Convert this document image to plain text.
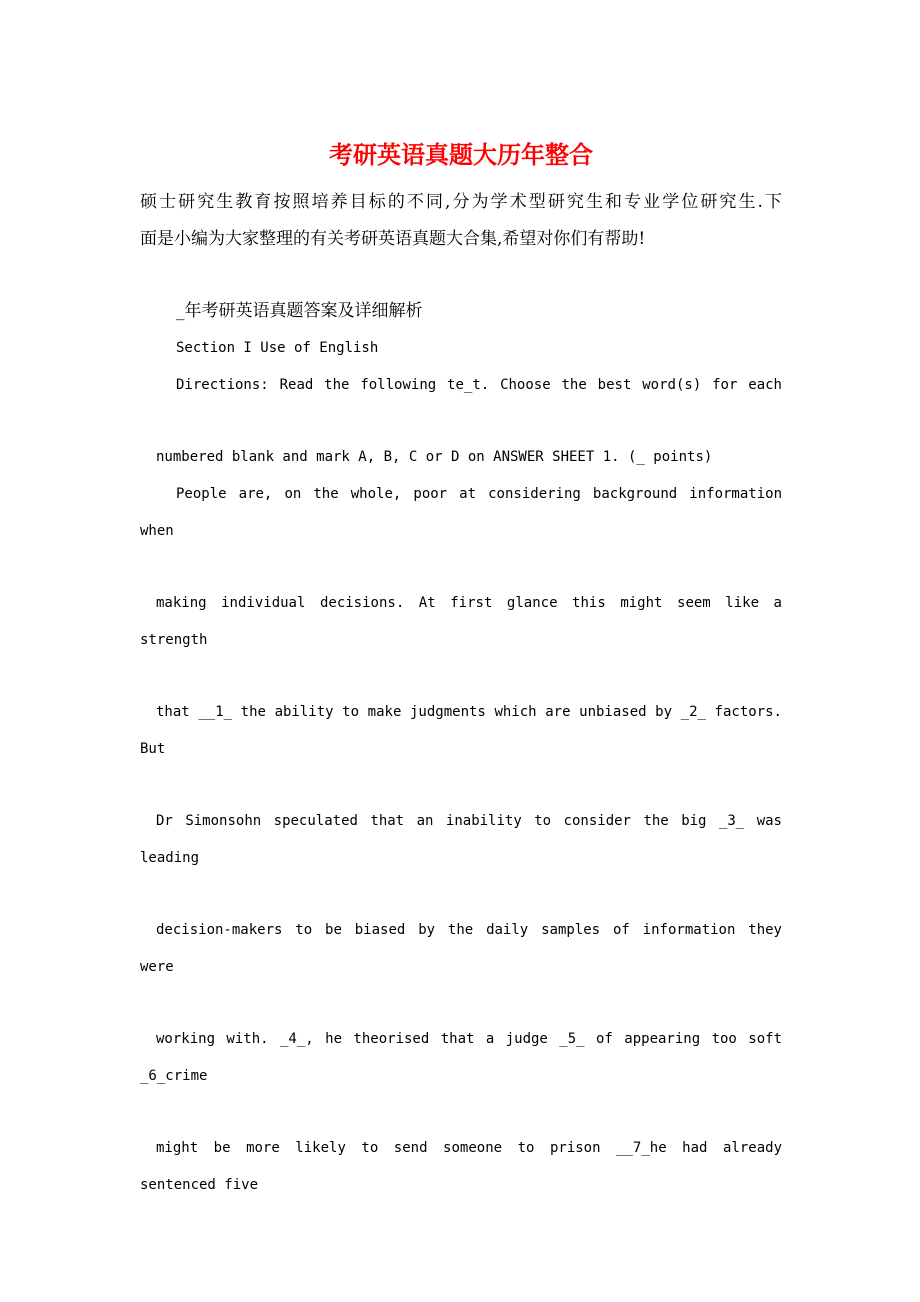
考研英语真题大历年整合
硕士研究生教育按照培养目标的不同,分为学术型研究生和专业学位研究生.下
面是小编为大家整理的有关考研英语真题大合集,希望对你们有帮助!
_年考研英语真题答案及详细解析
Section I Use of English
Directions: Read the following te_t. Choose the best word(s) for each
numbered blank and mark A, B, C or D on ANSWER SHEET 1. (_ points)
People are, on the whole, poor at considering background information
when
making individual decisions. At first glance this might seem like a
strength
that __1_ the ability to make judgments which are unbiased by _2_ factors.
But
Dr Simonsohn speculated that an inability to consider the big _3_ was
leading
decision-makers to be biased by the daily samples of information they
were
working with. _4_, he theorised that a judge _5_ of appearing too soft
_6_crime
might be more likely to send someone to prison __7_he had already
sentenced five
